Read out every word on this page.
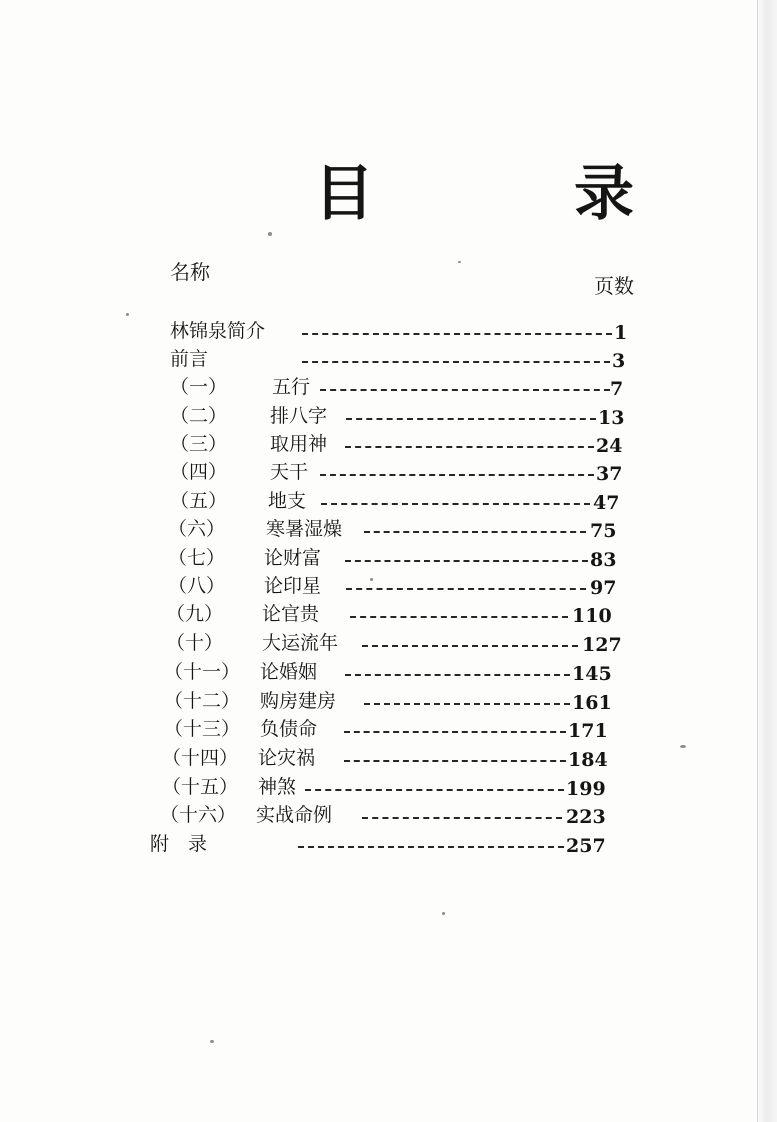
目　录
名称
页数
林锦泉简介	1
前言	3
（一） 五行	7
（二） 排八字	13
（三） 取用神	24
（四） 天干	37
（五） 地支	47
（六） 寒暑湿燥	75
（七） 论财富	83
（八） 论印星	97
（九） 论官贵	110
（十） 大运流年	127
（十一） 论婚姻	145
（十二） 购房建房	161
（十三） 负债命	171
（十四） 论灾祸	184
（十五） 神煞	199
（十六） 实战命例	223
附　录	257
